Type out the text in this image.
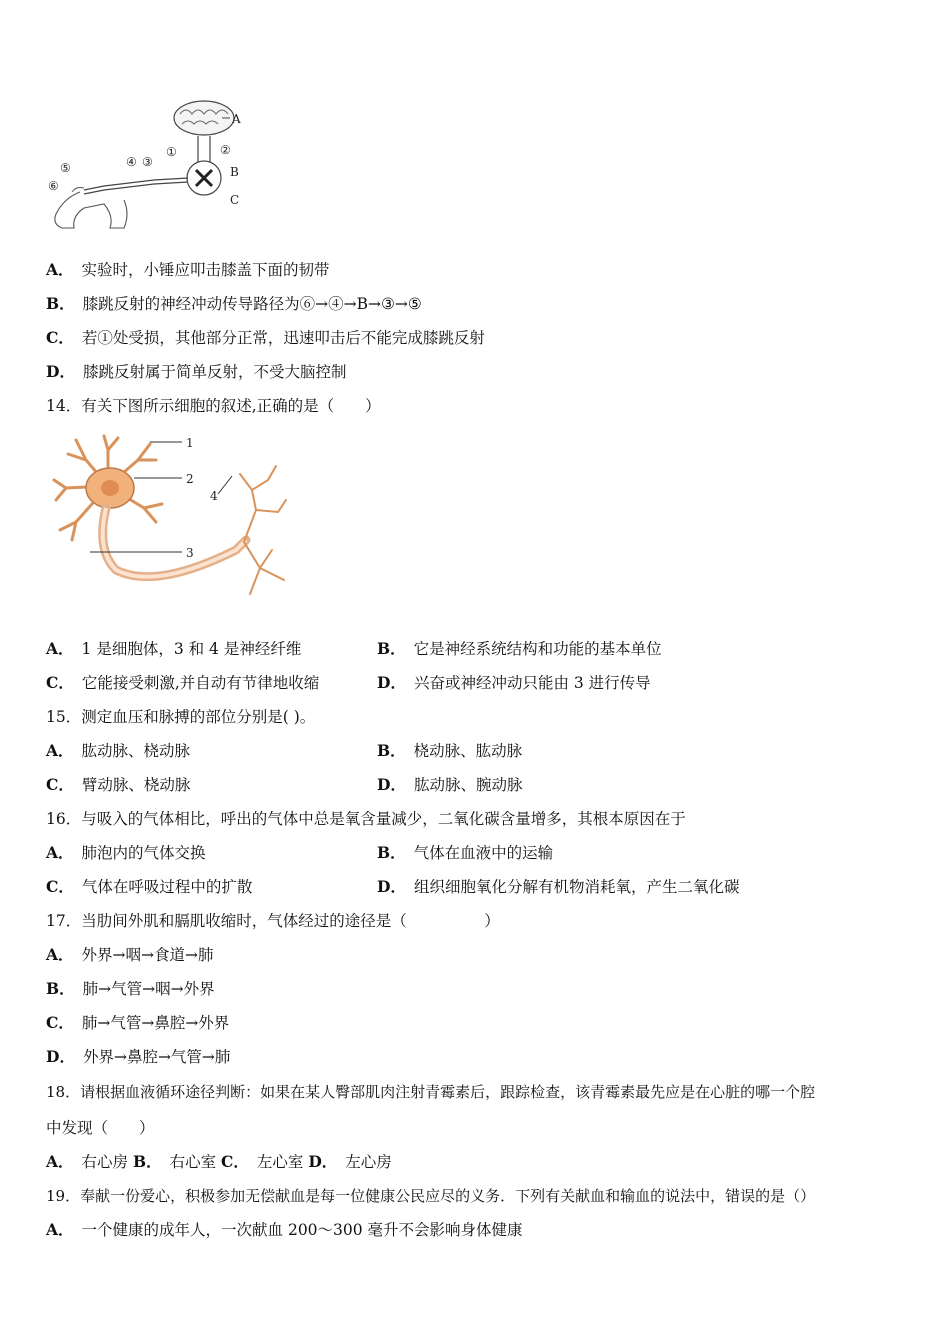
A
①	②
B
C
④ ③
⑤
⑥
A． 实验时，小锤应叩击膝盖下面的韧带
B． 膝跳反射的神经冲动传导路径为⑥→④→B→③→⑤
C． 若①处受损，其他部分正常，迅速叩击后不能完成膝跳反射
D． 膝跳反射属于简单反射，不受大脑控制
14．有关下图所示细胞的叙述,正确的是（　　）
1
2
3
4
A． 1 是细胞体，3 和 4 是神经纤维	B． 它是神经系统结构和功能的基本单位
C． 它能接受刺激,并自动有节律地收缩	D． 兴奋或神经冲动只能由 3 进行传导
15．测定血压和脉搏的部位分别是( )。
A． 肱动脉、桡动脉	B． 桡动脉、肱动脉
C． 臂动脉、桡动脉	D． 肱动脉、腕动脉
16．与吸入的气体相比，呼出的气体中总是氧含量减少，二氧化碳含量增多，其根本原因在于
A． 肺泡内的气体交换	B． 气体在血液中的运输
C． 气体在呼吸过程中的扩散	D． 组织细胞氧化分解有机物消耗氧，产生二氧化碳
17．当肋间外肌和膈肌收缩时，气体经过的途径是（　　　　　）
A． 外界→咽→食道→肺
B． 肺→气管→咽→外界
C． 肺→气管→鼻腔→外界
D． 外界→鼻腔→气管→肺
18．请根据血液循环途径判断：如果在某人臀部肌肉注射青霉素后，跟踪检查，该青霉素最先应是在心脏的哪一个腔
中发现（　　）
A． 右心房 B． 右心室 C． 左心室 D． 左心房
19．奉献一份爱心，积极参加无偿献血是每一位健康公民应尽的义务．下列有关献血和输血的说法中，错误的是（）
A． 一个健康的成年人，一次献血 200～300 毫升不会影响身体健康
